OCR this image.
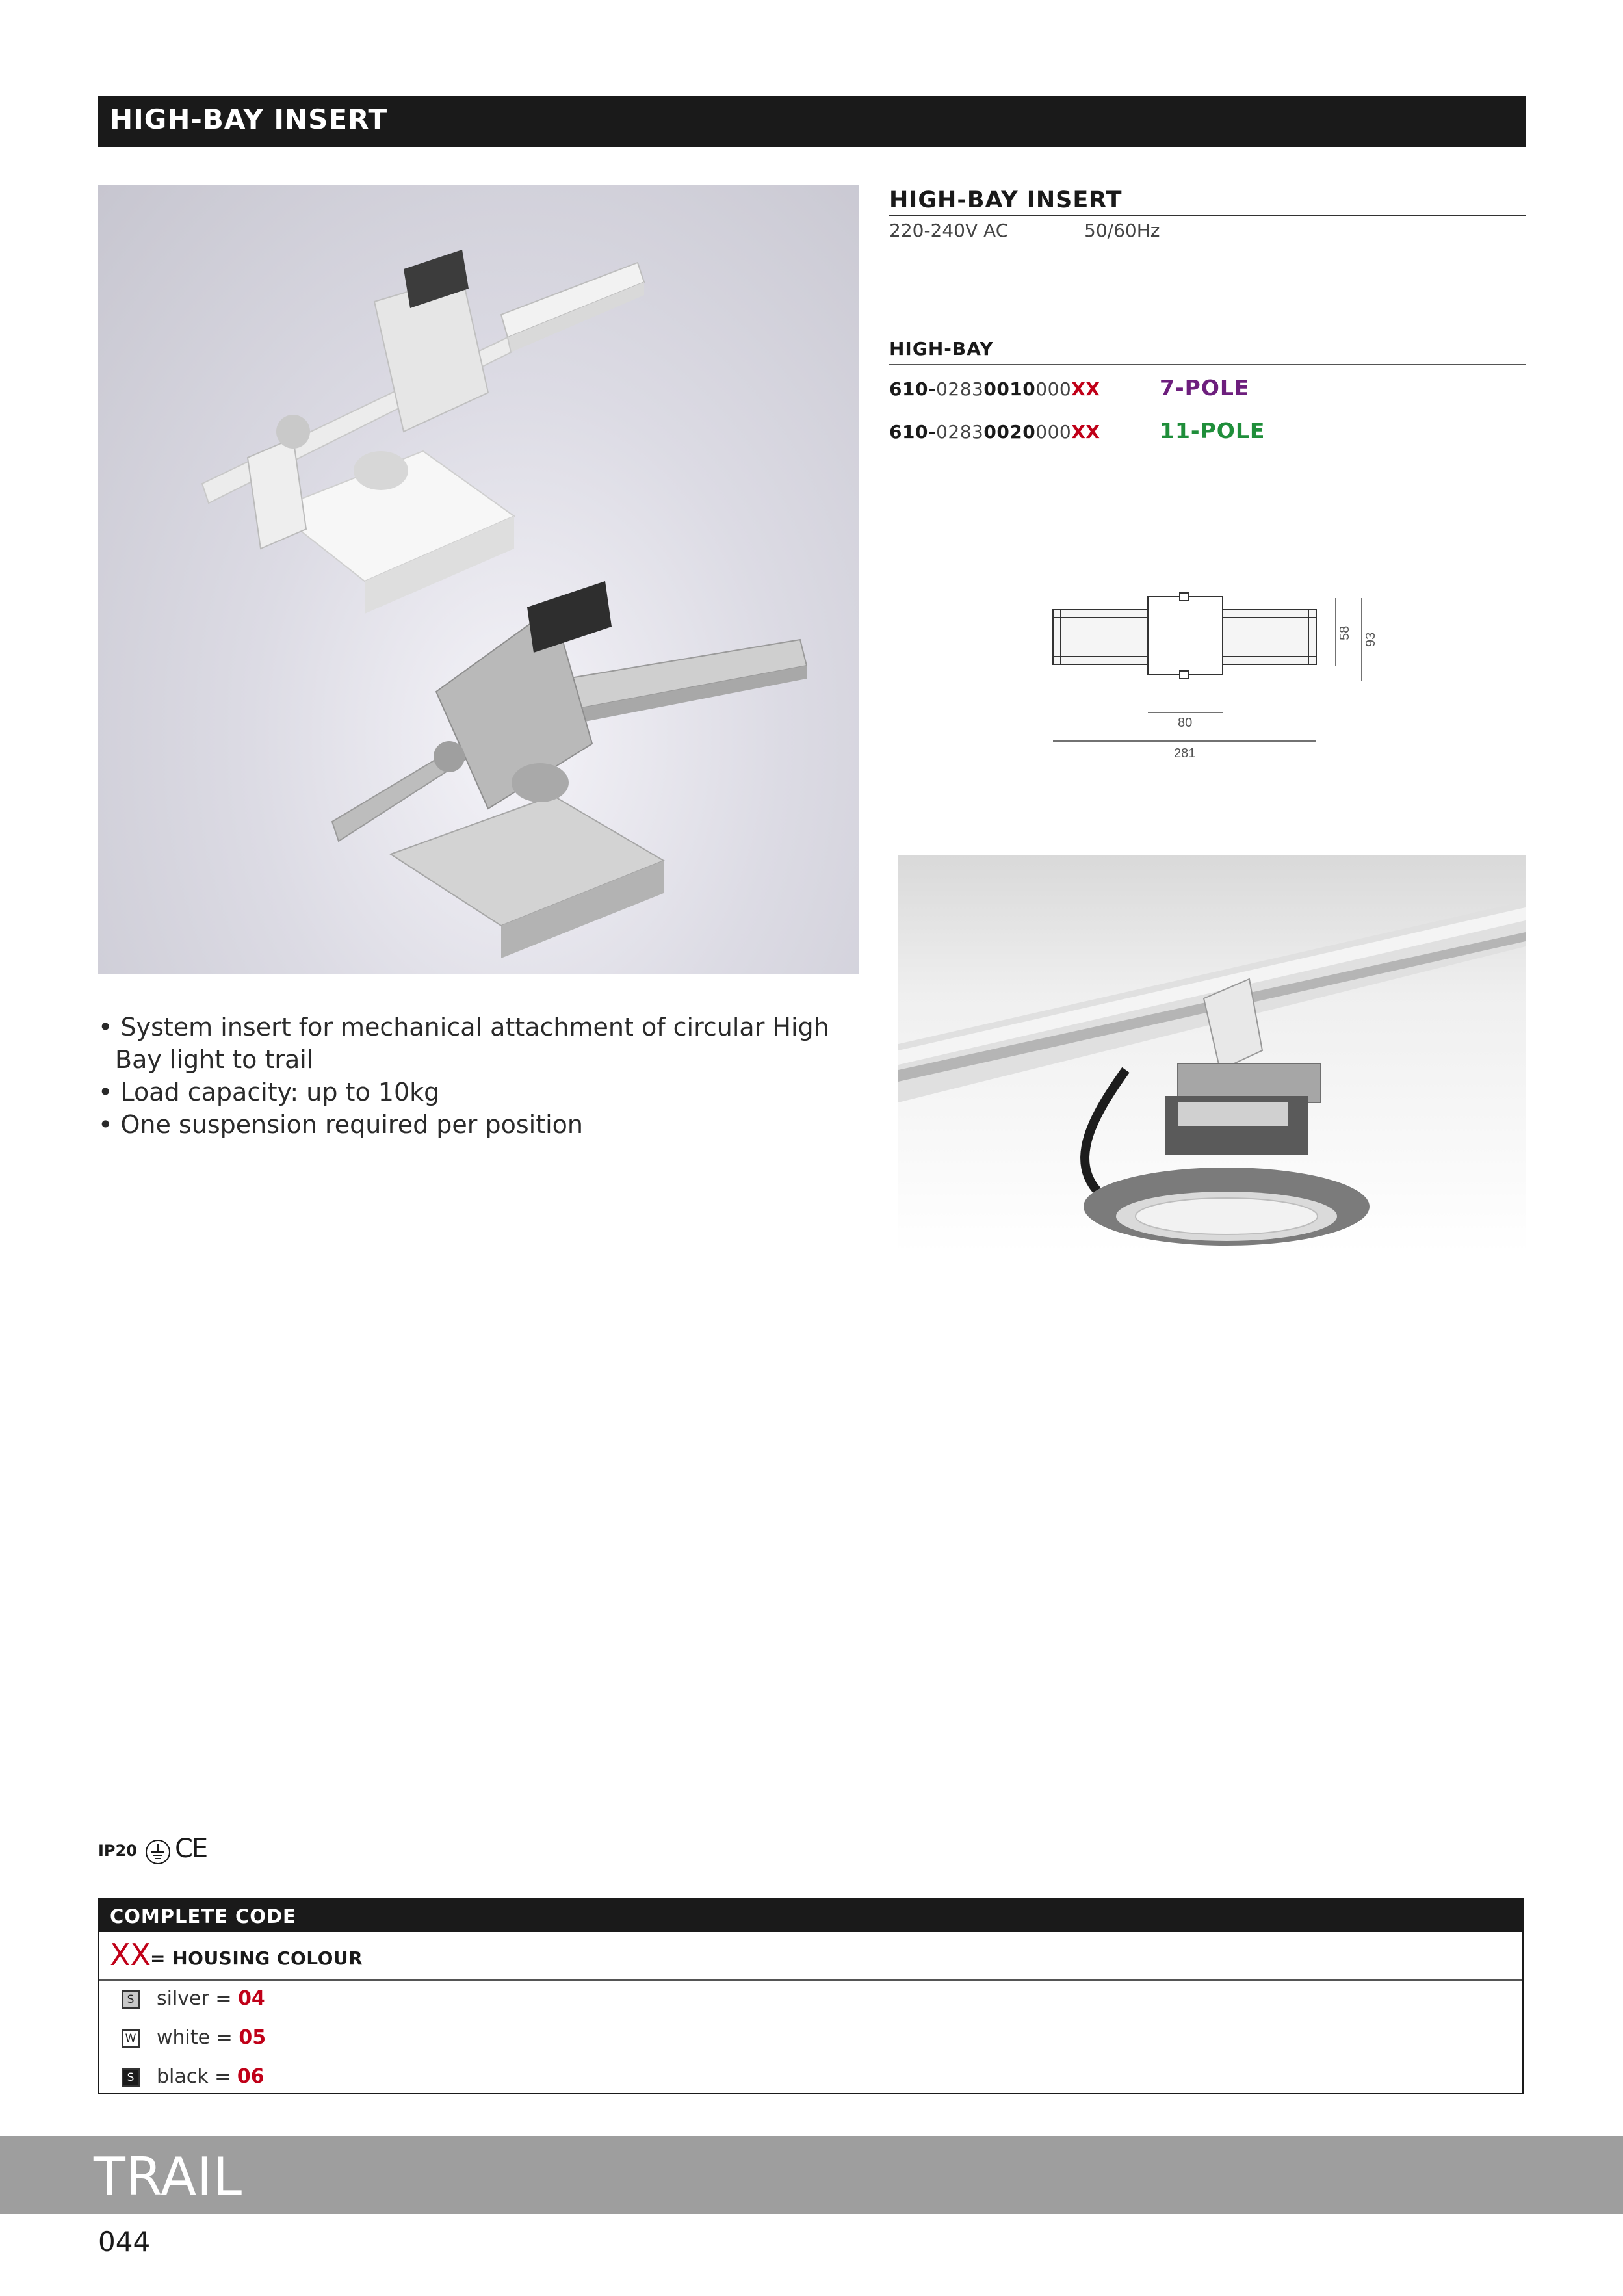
HIGH-BAY INSERT
HIGH-BAY INSERT
220-240V AC	50/60Hz
HIGH-BAY
610-02830010000XX	7-POLE
610-02830020000XX	11-POLE
58 93
80
281
• System insert for mechanical attachment of circular High Bay light to trail
• Load capacity: up to 10kg
• One suspension required per position
IP20 CE
COMPLETE CODE
XX
= HOUSING COLOUR
S silver = 04
W white = 05
S black = 06
TRAIL
044
